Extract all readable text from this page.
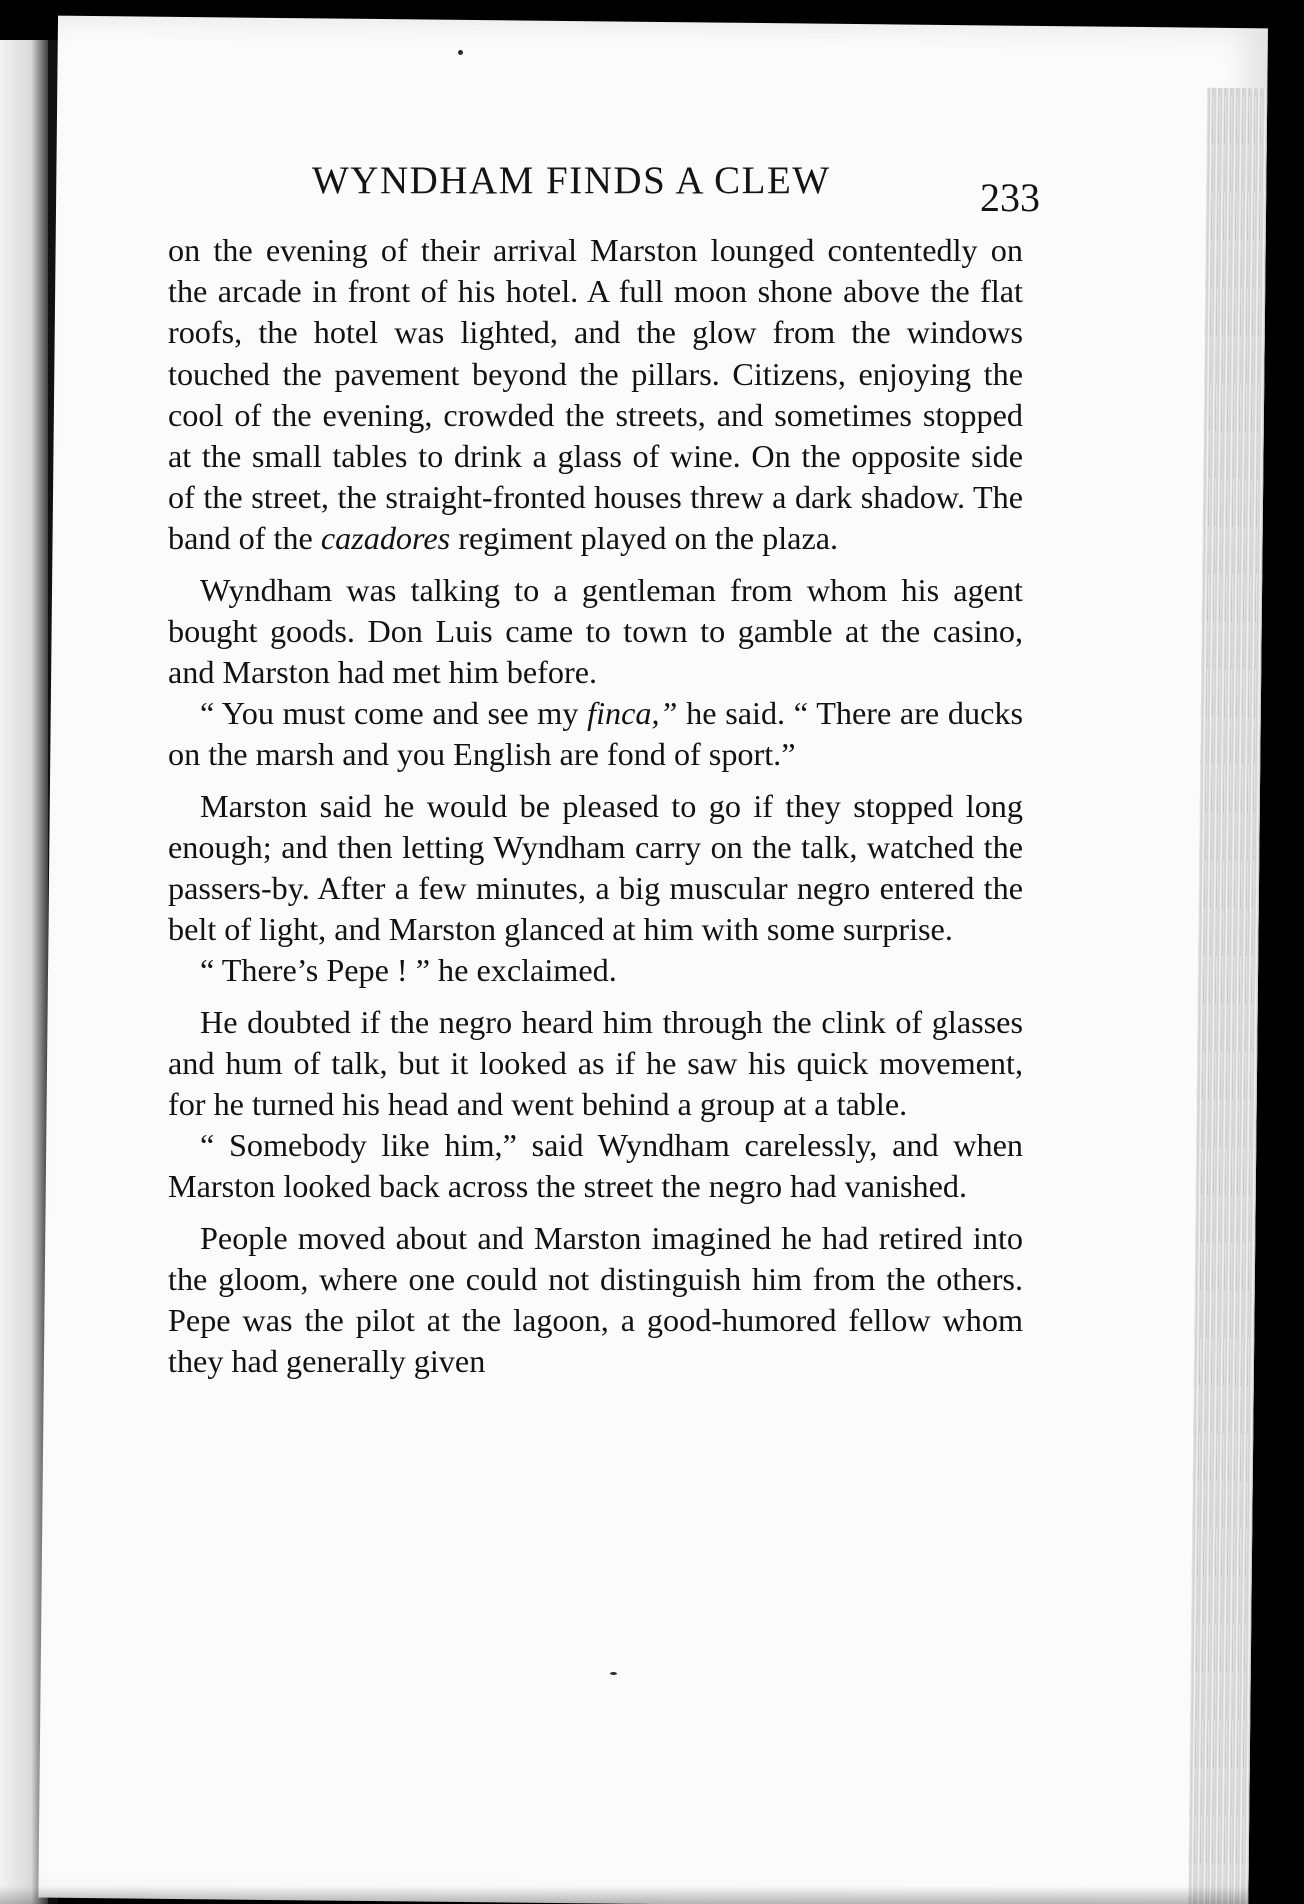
WYNDHAM FINDS A CLEW	233

on the evening of their arrival Marston lounged contentedly on the arcade in front of his hotel. A full moon shone above the flat roofs, the hotel was lighted, and the glow from the windows touched the pavement beyond the pillars. Citizens, enjoying the cool of the evening, crowded the streets, and sometimes stopped at the small tables to drink a glass of wine. On the opposite side of the street, the straight-fronted houses threw a dark shadow. The band of the cazadores regiment played on the plaza.

Wyndham was talking to a gentleman from whom his agent bought goods. Don Luis came to town to gamble at the casino, and Marston had met him before.

“ You must come and see my finca,” he said. “ There are ducks on the marsh and you English are fond of sport.”

Marston said he would be pleased to go if they stopped long enough; and then letting Wyndham carry on the talk, watched the passers-by. After a few minutes, a big muscular negro entered the belt of light, and Marston glanced at him with some surprise.

“ There’s Pepe ! ” he exclaimed.

He doubted if the negro heard him through the clink of glasses and hum of talk, but it looked as if he saw his quick movement, for he turned his head and went behind a group at a table.

“ Somebody like him,” said Wyndham carelessly, and when Marston looked back across the street the negro had vanished.

People moved about and Marston imagined he had retired into the gloom, where one could not distinguish him from the others. Pepe was the pilot at the lagoon, a good-humored fellow whom they had generally given
